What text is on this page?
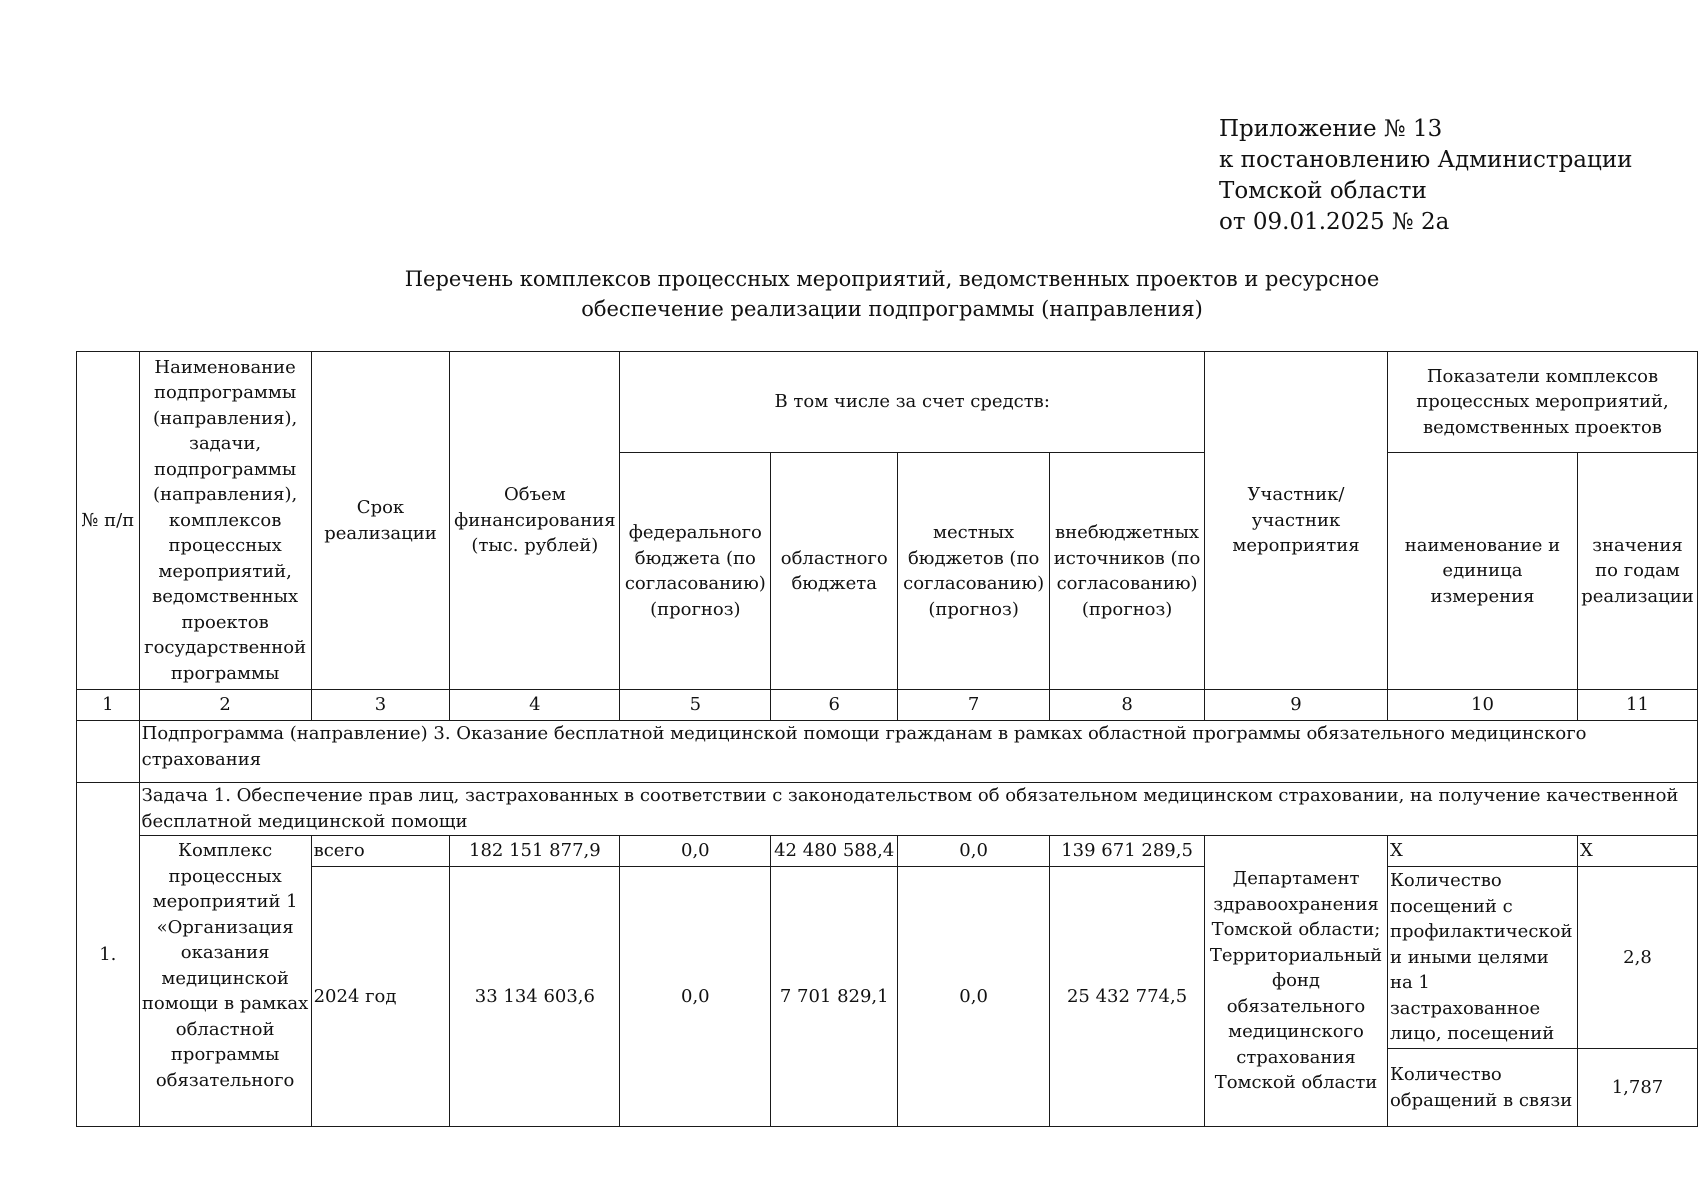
Приложение № 13
к постановлению Администрации
Томской области
от 09.01.2025 № 2а
Перечень комплексов процессных мероприятий, ведомственных проектов и ресурсное
обеспечение реализации подпрограммы (направления)
№ п/п	Наименование подпрограммы (направления), задачи, подпрограммы (направления), комплексов процессных мероприятий, ведомственных проектов государственной программы	Срок реализации	Объем финансирования (тыс. рублей)	В том числе за счет средств:				Участник/ участник мероприятия	Показатели комплексов процессных мероприятий, ведомственных проектов	
				федерального бюджета (по согласованию) (прогноз)	областного бюджета	местных бюджетов (по согласованию) (прогноз)	внебюджетных источников (по согласованию) (прогноз)		наименование и единица измерения	значения по годам реализации
1	2	3	4	5	6	7	8	9	10	11
	Подпрограмма (направление) 3. Оказание бесплатной медицинской помощи гражданам в рамках областной программы обязательного медицинского страхования									
1.	Задача 1. Обеспечение прав лиц, застрахованных в соответствии с законодательством об обязательном медицинском страховании, на получение качественной бесплатной медицинской помощи									
	Комплекс процессных мероприятий 1 «Организация оказания медицинской помощи в рамках областной программы обязательного	всего	182 151 877,9	0,0	42 480 588,4	0,0	139 671 289,5	Департамент здравоохранения Томской области; Территориальный фонд обязательного медицинского страхования Томской области	Х	Х
		2024 год	33 134 603,6	0,0	7 701 829,1	0,0	25 432 774,5		Количество посещений с профилактической и иными целями на 1 застрахованное лицо, посещений	2,8
									Количество обращений в связи	1,787
